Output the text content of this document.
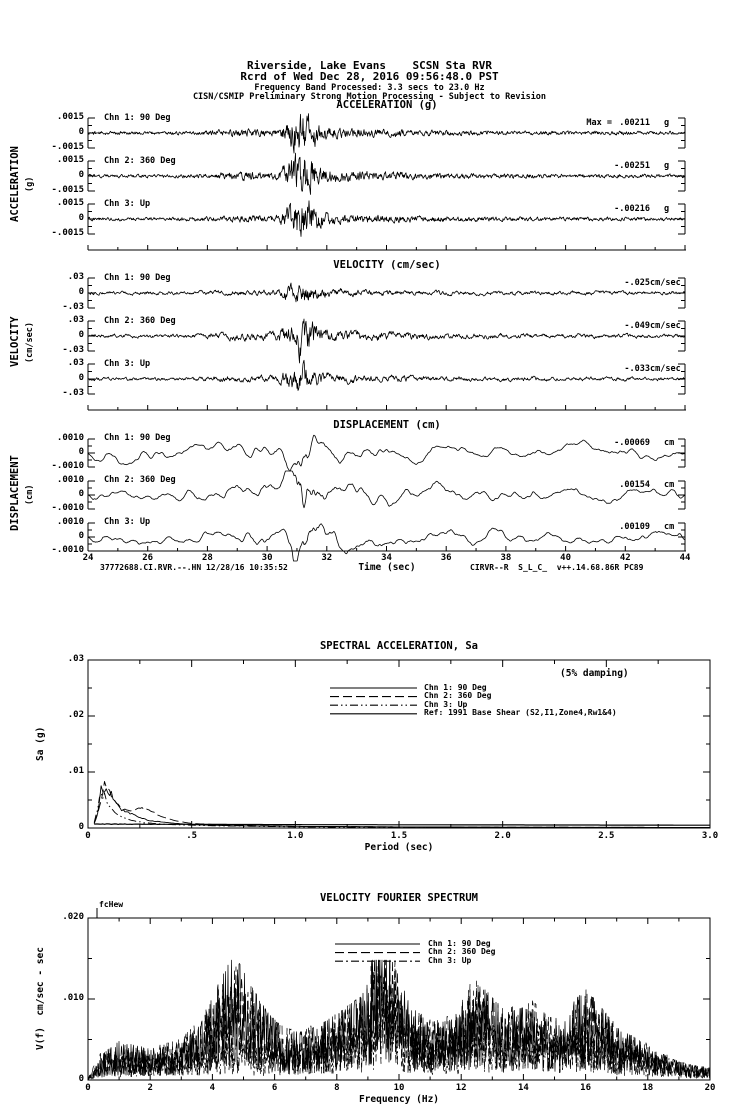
Riverside, Lake Evans    SCSN Sta RVR
Rcrd of Wed Dec 28, 2016 09:56:48.0 PST
Frequency Band Processed: 3.3 secs to 23.0 Hz
CISN/CSMIP Preliminary Strong Motion Processing - Subject to Revision
ACCELERATION (g)
VELOCITY (cm/sec)
DISPLACEMENT (cm)
ACCELERATION (g)
VELOCITY (cm/sec)
DISPLACEMENT (cm)
37772688.CI.RVR.--.HN 12/28/16 10:35:52	Time (sec)	CIRVR--R  S_L_C_  v++.14.68.86R PC89
SPECTRAL ACCELERATION, Sa
(5% damping)
Sa (g)
Period (sec)
VELOCITY FOURIER SPECTRUM
fcHew
V(f)  cm/sec - sec
Frequency (Hz)
.0015
0
-.0015
Chn 1: 90 Deg	Max = .00211 g
.0015
0
-.0015
Chn 2: 360 Deg	-.00251 g
.0015
0
-.0015
Chn 3: Up	-.00216 g
.03
0
-.03
Chn 1: 90 Deg	-.025 cm/sec
.03
0
-.03
Chn 2: 360 Deg	-.049 cm/sec
.03
0
-.03
Chn 3: Up	-.033 cm/sec
.0010
0
-.0010
Chn 1: 90 Deg	-.00069 cm
.0010
0
-.0010
Chn 2: 360 Deg	.00154 cm
.0010
0
-.0010
Chn 3: Up	.00109 cm
24	26	28	30	32	34	36	38	40	42	44
0
.01
.02
.03
0	.5	1.0	1.5	2.0	2.5	3.0
Chn 1: 90 Deg
Chn 2: 360 Deg
Chn 3: Up
Ref: 1991 Base Shear (S2,I1,Zone4,Rw1&4)
0
.010
.020
0	2	4	6	8	10	12	14	16	18	20
Chn 1: 90 Deg
Chn 2: 360 Deg
Chn 3: Up
